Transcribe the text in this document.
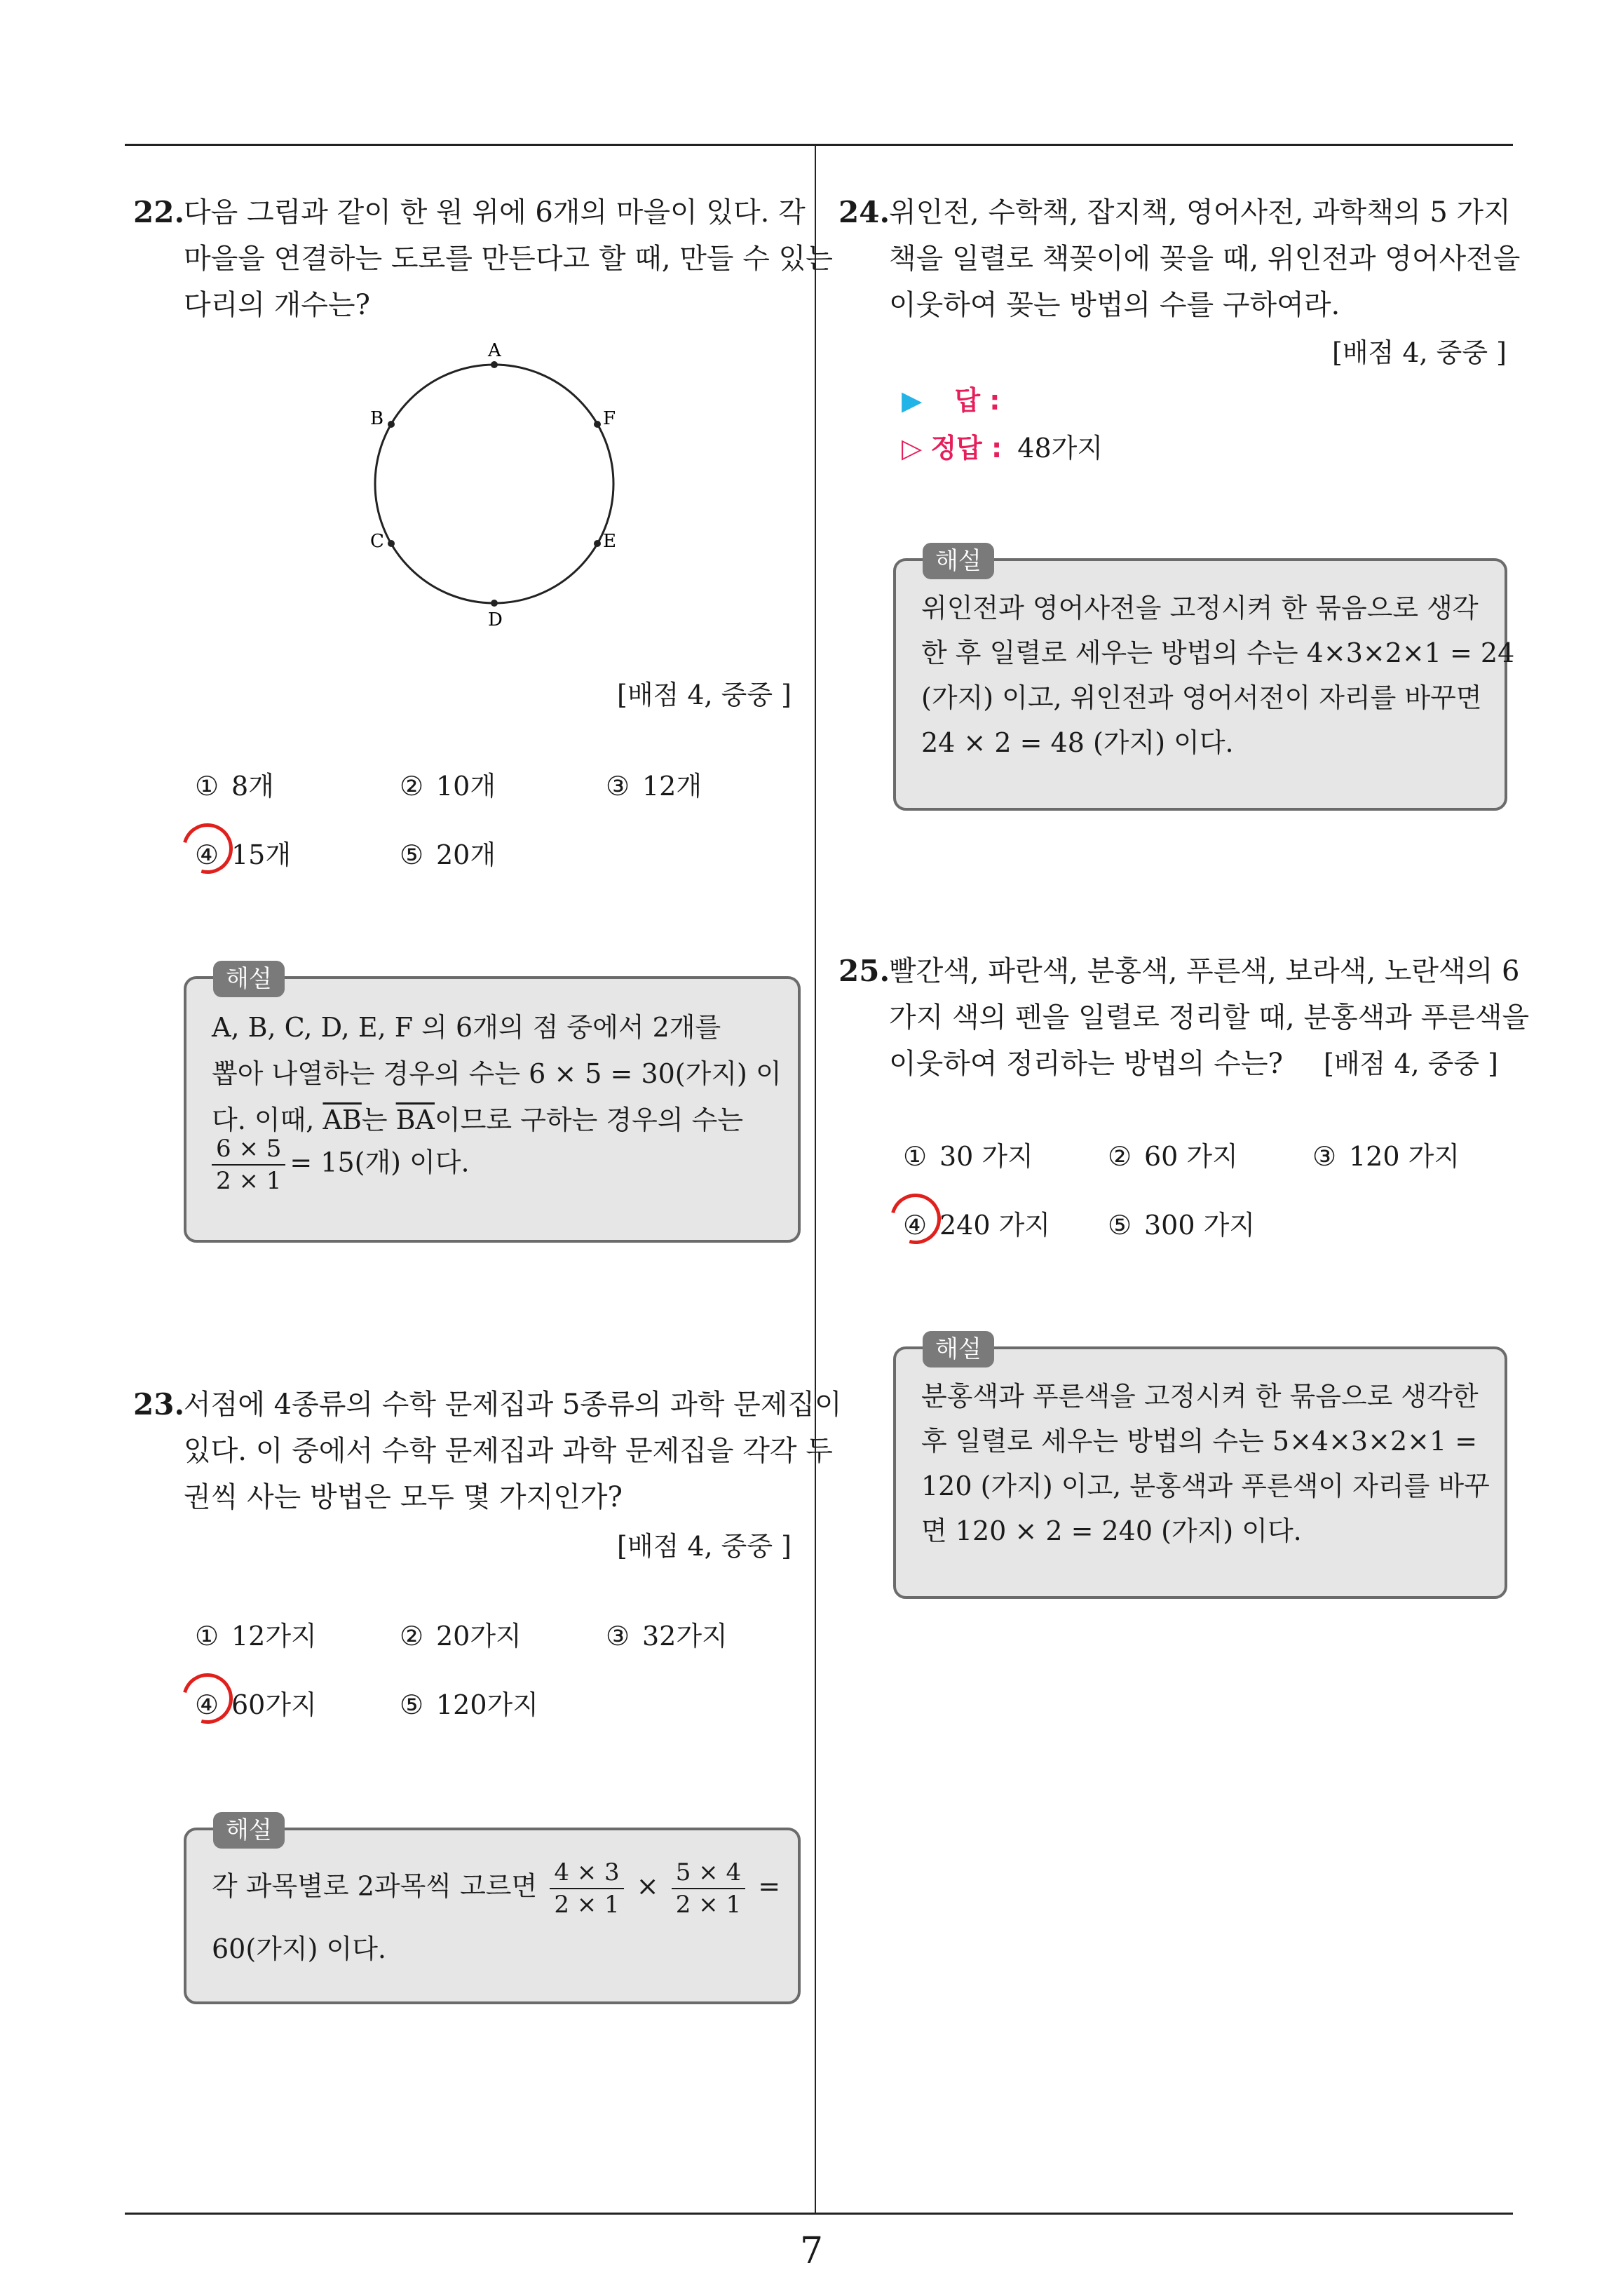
22.
다음 그림과 같이 한 원 위에 6개의 마을이 있다. 각
마을을 연결하는 도로를 만든다고 할 때, 만들 수 있는
다리의 개수는?
A
B
C
D
E
F
[배점 4, 중중 ]
① 8개	② 10개	③ 12개
④ 15개	⑤ 20개
해설
A, B, C, D, E, F 의 6개의 점 중에서 2개를
뽑아 나열하는 경우의 수는 6 × 5 = 30(가지) 이
다. 이때, $\overline{AB}$는 $\overline{BA}$이므로 구하는 경우의 수는
$\frac{6 \times 5}{2 \times 1} = 15$(개) 이다.
23.
서점에 4종류의 수학 문제집과 5종류의 과학 문제집이
있다. 이 중에서 수학 문제집과 과학 문제집을 각각 두
권씩 사는 방법은 모두 몇 가지인가?
[배점 4, 중중 ]
① 12가지	② 20가지	③ 32가지
④ 60가지	⑤ 120가지
해설
각 과목별로 2과목씩 고르면 $\frac{4 \times 3}{2 \times 1} \times \frac{5 \times 4}{2 \times 1}$ =
60(가지) 이다.
24.
위인전, 수학책, 잡지책, 영어사전, 과학책의 5 가지
책을 일렬로 책꽂이에 꽂을 때, 위인전과 영어사전을
이웃하여 꽂는 방법의 수를 구하여라.
[배점 4, 중중 ]
▶ 답 :
▷ 정답 : 48가지
해설
위인전과 영어사전을 고정시켜 한 묶음으로 생각
한 후 일렬로 세우는 방법의 수는 4×3×2×1 = 24
(가지) 이고, 위인전과 영어서전이 자리를 바꾸면
24 × 2 = 48 (가지) 이다.
25.
빨간색, 파란색, 분홍색, 푸른색, 보라색, 노란색의 6
가지 색의 펜을 일렬로 정리할 때, 분홍색과 푸른색을
이웃하여 정리하는 방법의 수는? [배점 4, 중중 ]
① 30 가지	② 60 가지	③ 120 가지
④ 240 가지 ⑤ 300 가지
해설
분홍색과 푸른색을 고정시켜 한 묶음으로 생각한
후 일렬로 세우는 방법의 수는 5×4×3×2×1 =
120 (가지) 이고, 분홍색과 푸른색이 자리를 바꾸
면 120 × 2 = 240 (가지) 이다.
7
